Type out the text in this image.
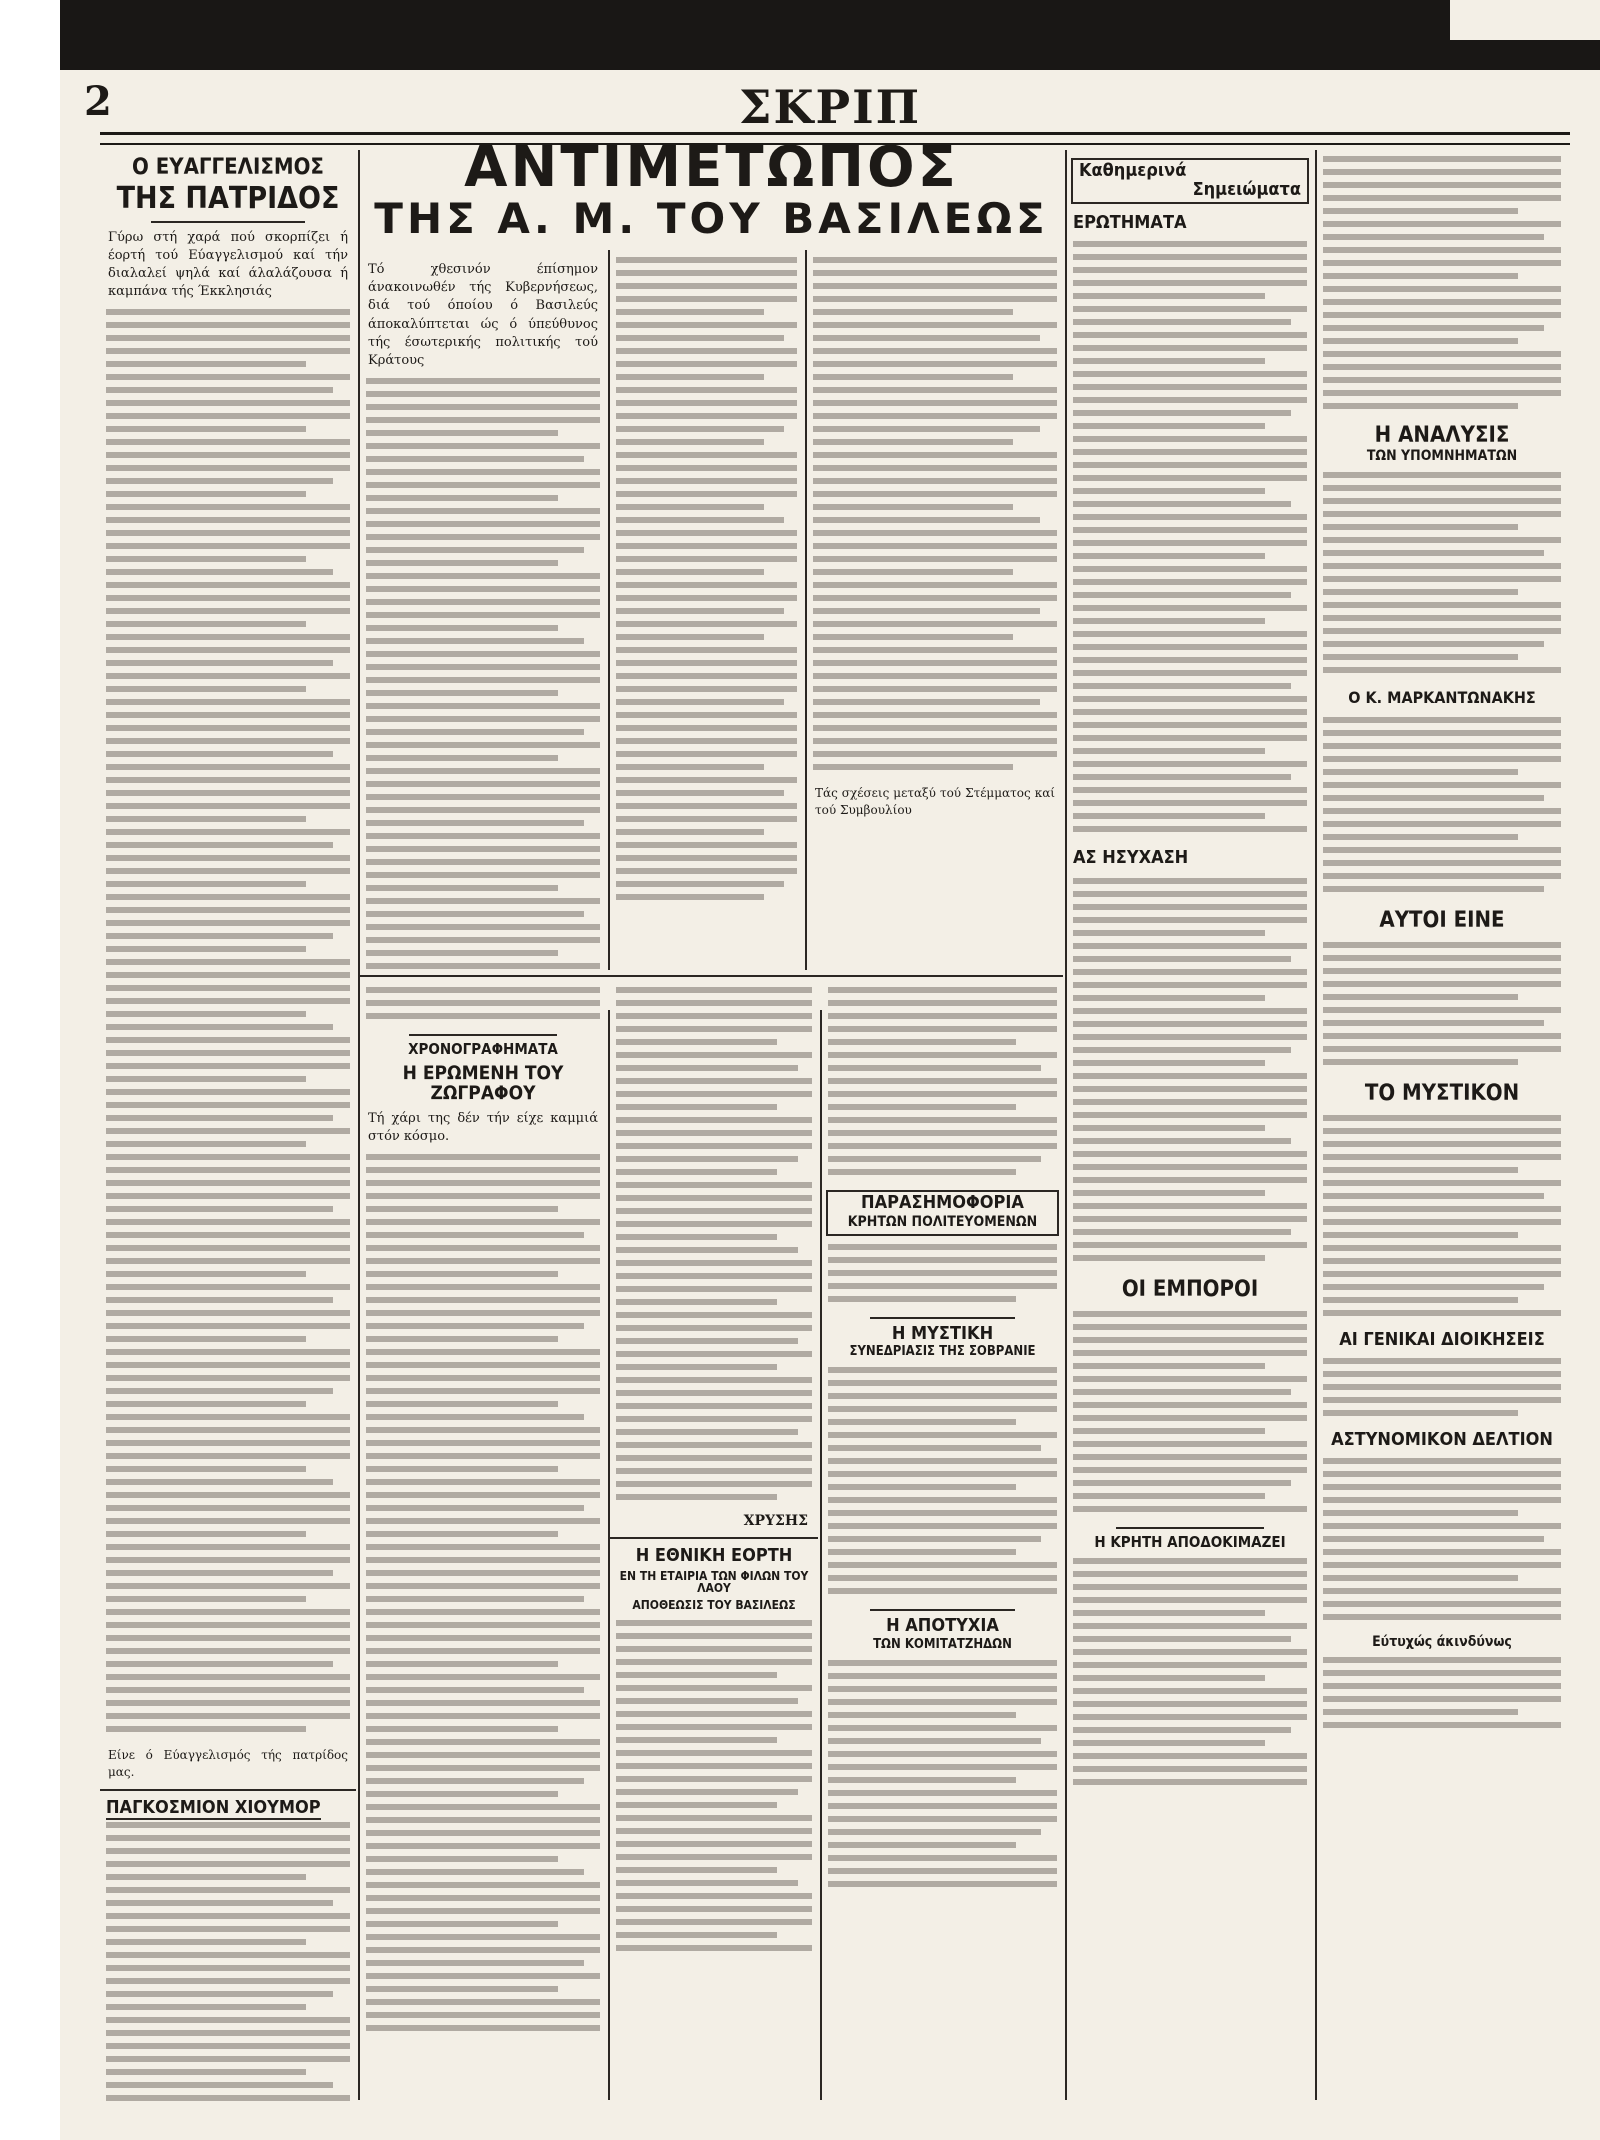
2	ΣΚΡΙΠ
Ο ΕΥΑΓΓΕΛΙΣΜΟΣ
ΤΗΣ ΠΑΤΡΙΔΟΣ

Γύρω στή χαρά πού σκορπίζει ή έορτή τού Εύαγγελισμού καί τήν διαλαλεί ψηλά καί άλαλάζουσα ή καμπάνα τής Έκκλησιάς

Είνε ό Εύαγγελισμός τής πατρίδος μας.

ΠΑΓΚΟΣΜΙΟΝ ΧΙΟΥΜΟΡ
ΑΝΤΙΜΕΤΩΠΟΣ
ΤΗΣ Α. Μ. ΤΟΥ ΒΑΣΙΛΕΩΣ

Τό χθεσινόν έπίσημον άνακοινωθέν τής Κυβερνήσεως, διά τού όποίου ό Βασιλεύς άποκαλύπτεται ώς ό ύπεύθυνος τής έσωτερικής πολιτικής τού Κράτους

Τάς σχέσεις μεταξύ τού Στέμματος καί τού Συμβουλίου

ΧΡΟΝΟΓΡΑΦΗΜΑΤΑ

Η ΕΡΩΜΕΝΗ ΤΟΥ ΖΩΓΡΑΦΟΥ

Τή χάρι της δέν τήν είχε καμμιά στόν κόσμο.

ΧΡΥΣΗΣ

Η ΕΘΝΙΚΗ ΕΟΡΤΗ

ΕΝ ΤΗ ΕΤΑΙΡΙΑ ΤΩΝ ΦΙΛΩΝ ΤΟΥ ΛΑΟΥ

ΑΠΟΘΕΩΣΙΣ ΤΟΥ ΒΑΣΙΛΕΩΣ

ΠΑΡΑΣΗΜΟΦΟΡΙΑ

ΚΡΗΤΩΝ ΠΟΛΙΤΕΥΟΜΕΝΩΝ

Η ΜΥΣΤΙΚΗ

ΣΥΝΕΔΡΙΑΣΙΣ ΤΗΣ ΣΟΒΡΑΝΙΕ

Η ΑΠΟΤΥΧΙΑ

ΤΩΝ ΚΟΜΙΤΑΤΖΗΔΩΝ

Καθημερινά
Σημειώματα
ΕΡΩΤΗΜΑΤΑ
ΑΣ ΗΣΥΧΑΣΗ
ΟΙ ΕΜΠΟΡΟΙ
Η ΚΡΗΤΗ ΑΠΟΔΟΚΙΜΑΖΕΙ
Η ΑΝΑΛΥΣΙΣ

ΤΩΝ ΥΠΟΜΝΗΜΑΤΩΝ

Ο Κ. ΜΑΡΚΑΝΤΩΝΑΚΗΣ
ΑΥΤΟΙ ΕΙΝΕ
ΤΟ ΜΥΣΤΙΚΟΝ
ΑΙ ΓΕΝΙΚΑΙ ΔΙΟΙΚΗΣΕΙΣ
ΑΣΤΥΝΟΜΙΚΟΝ ΔΕΛΤΙΟΝ
Εύτυχώς άκινδύνως
